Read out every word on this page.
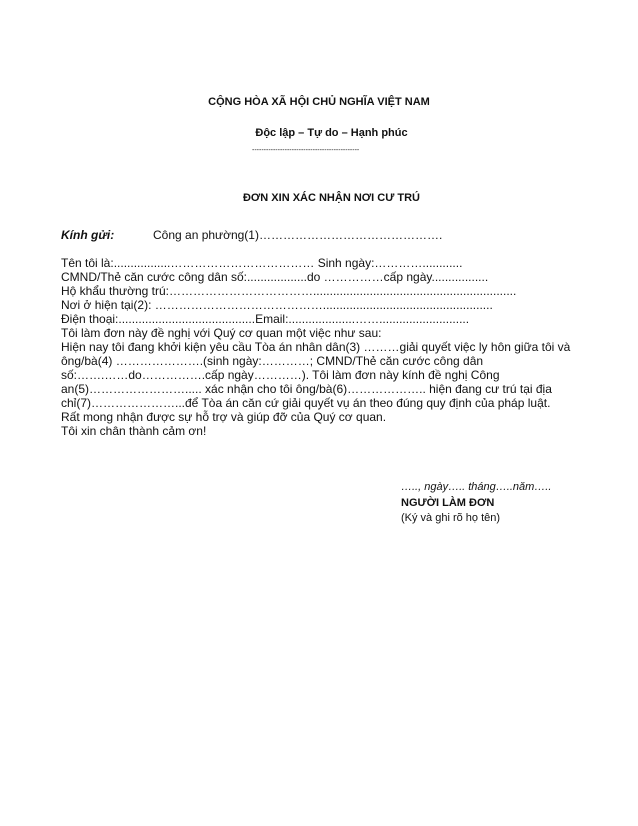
CỘNG HÒA XÃ HỘI CHỦ NGHĨA VIỆT NAM
Độc lập – Tự do – Hạnh phúc
----------------------------------------------
ĐƠN XIN XÁC NHẬN NƠI CƯ TRÚ
Kính gửi:	Công an phường(1)……………………………………….
Tên tôi là:.................……………………………… Sinh ngày:…………............
CMND/Thẻ căn cước công dân số:..................do ……………cấp ngày.................
Hộ khẩu thường trú:……………………………….............................................................
Nơi ở hiện tại(2): ……………………………………...................................................
Điện thoại:.........................................Email:....................……...........................
Tôi làm đơn này đề nghị với Quý cơ quan một việc như sau:
Hiện nay tôi đang khởi kiện yêu cầu Tòa án nhân dân(3) ………giải quyết việc ly hôn giữa tôi và
ông/bà(4) ………………….(sinh ngày:…………; CMND/Thẻ căn cước công dân
số:…….……do…………….cấp ngày…………). Tôi làm đơn này kính đề nghị Công
an(5)……………………..... xác nhận cho tôi ông/bà(6)……………….. hiện đang cư trú tại địa
chỉ(7)…………………...để Tòa án căn cứ giải quyết vụ án theo đúng quy định của pháp luật.
Rất mong nhận được sự hỗ trợ và giúp đỡ của Quý cơ quan.
Tôi xin chân thành cảm ơn!
….., ngày….. tháng…..năm…..
NGƯỜI LÀM ĐƠN
(Ký và ghi rõ họ tên)
